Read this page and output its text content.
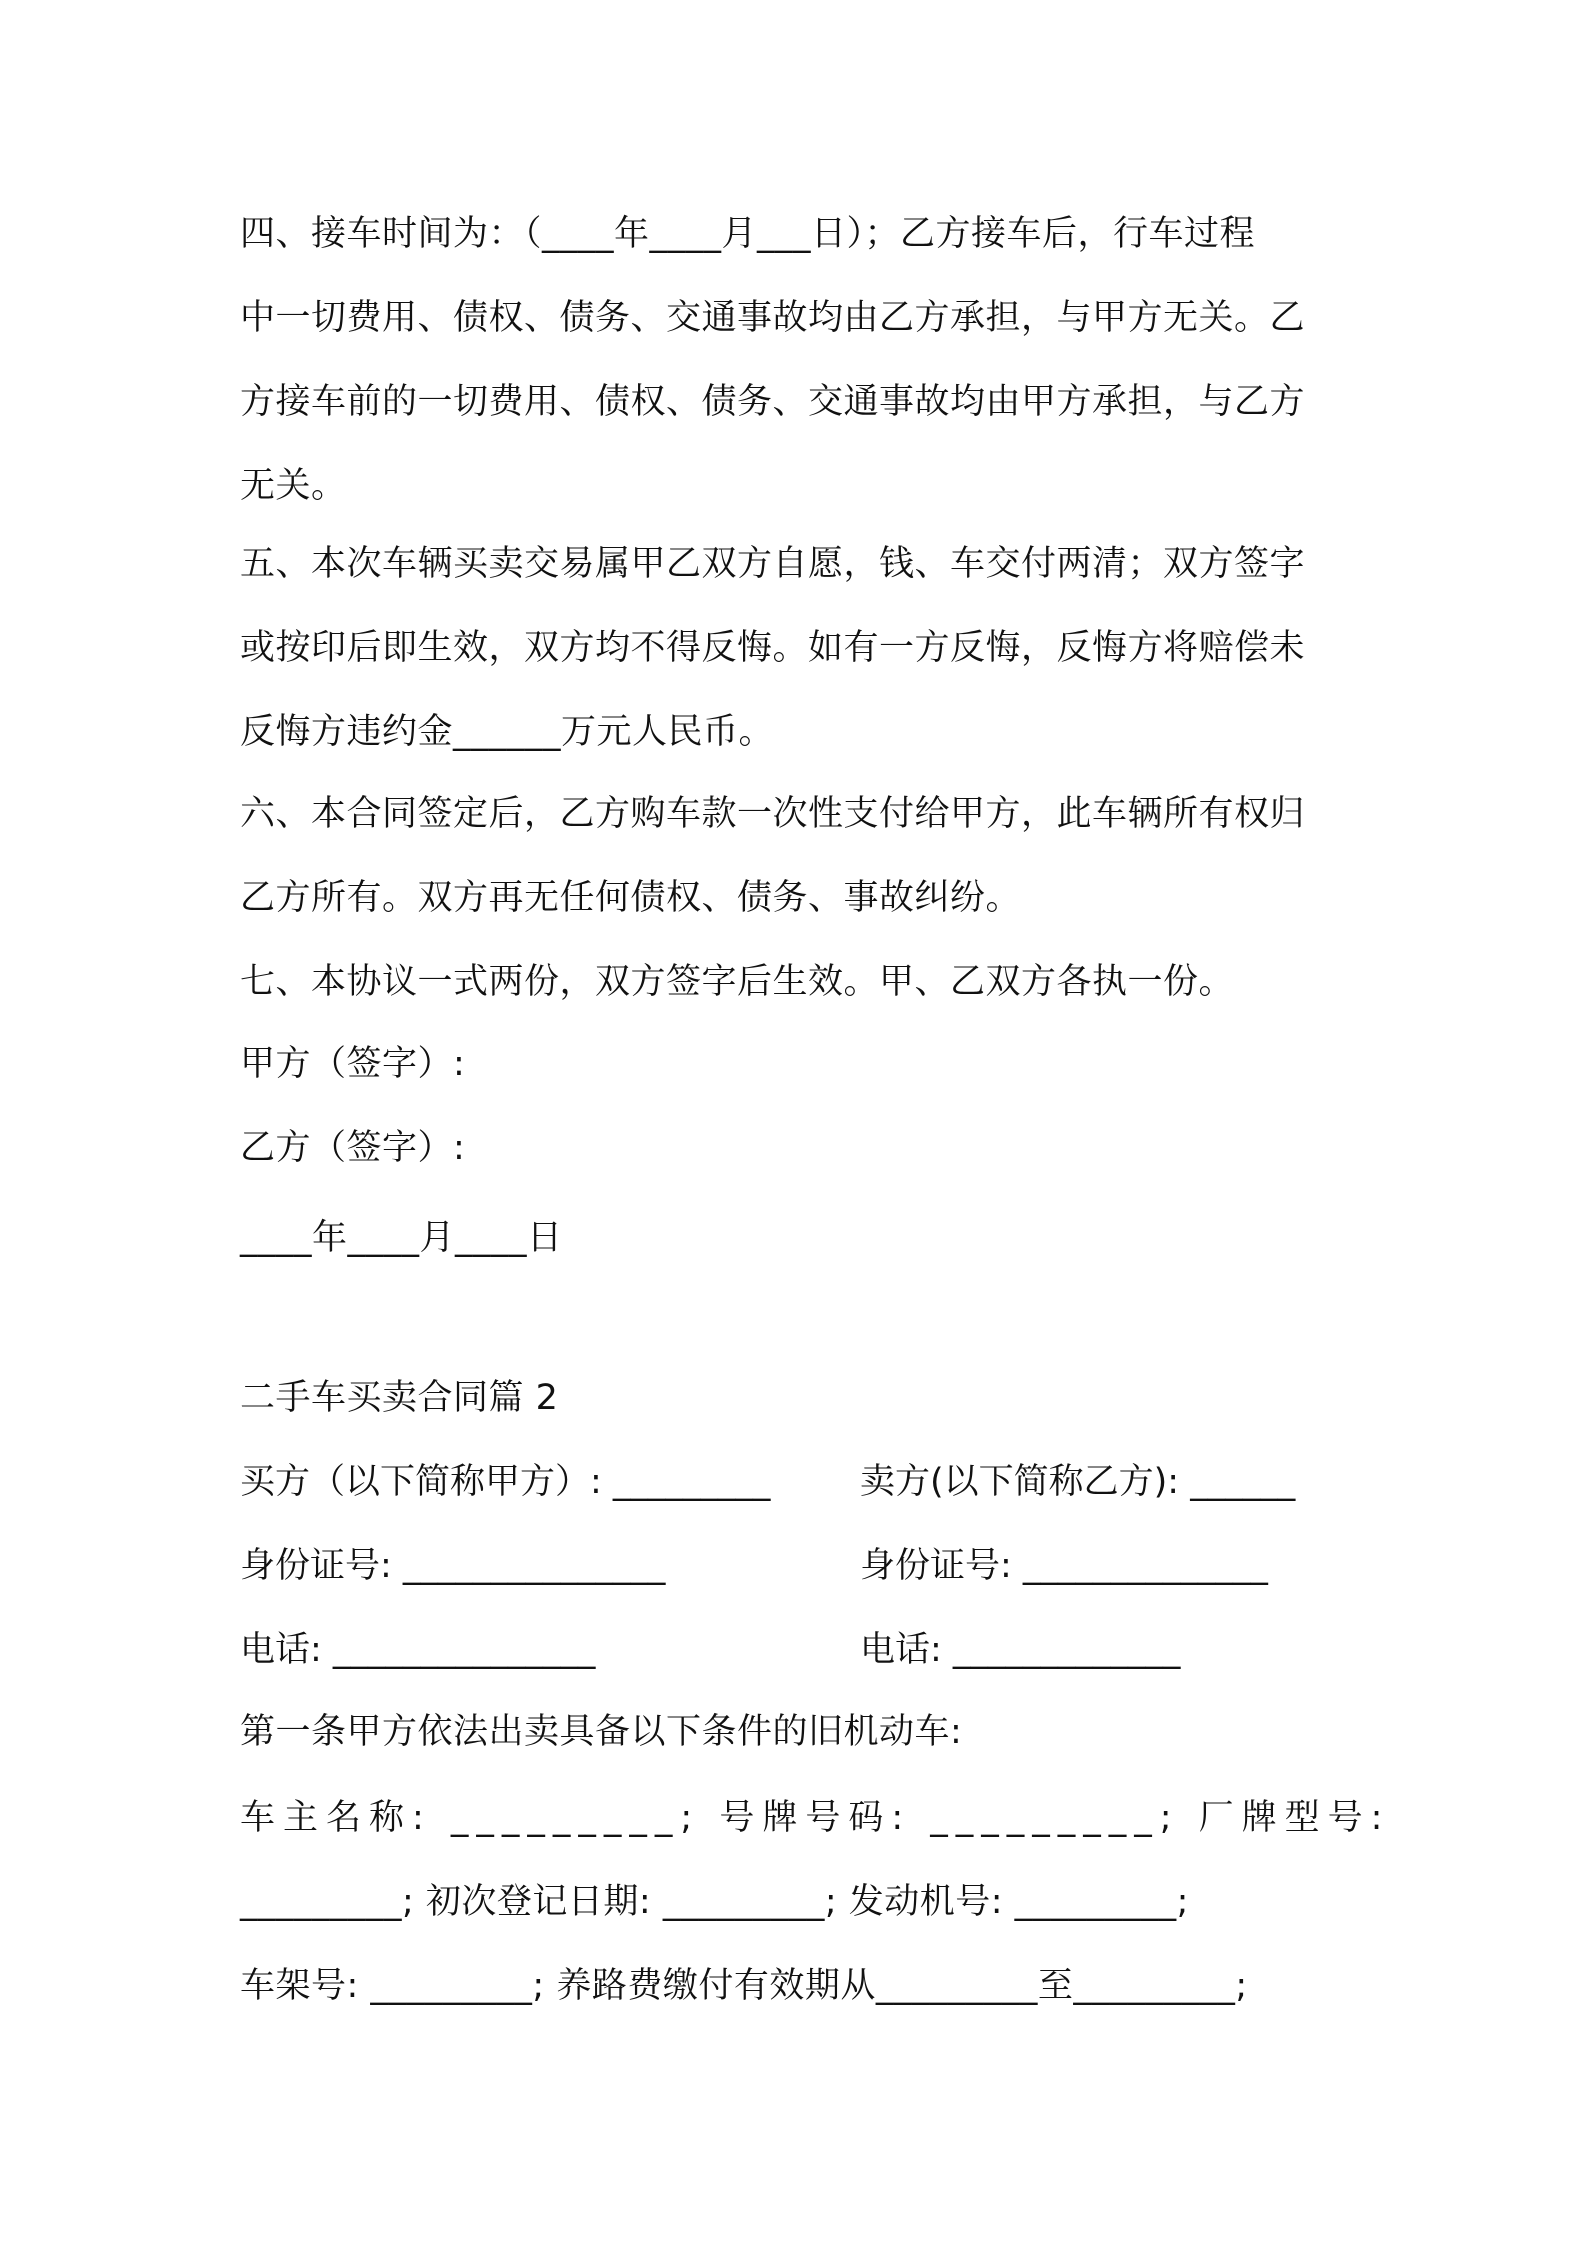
四、接车时间为：（____年____月___日）；乙方接车后，行车过程
中一切费用、债权、债务、交通事故均由乙方承担，与甲方无关。乙
方接车前的一切费用、债权、债务、交通事故均由甲方承担，与乙方
无关。
五、本次车辆买卖交易属甲乙双方自愿，钱、车交付两清；双方签字
或按印后即生效，双方均不得反悔。如有一方反悔，反悔方将赔偿未
反悔方违约金______万元人民币。
六、本合同签定后，乙方购车款一次性支付给甲方，此车辆所有权归
乙方所有。双方再无任何债权、债务、事故纠纷。
七、本协议一式两份，双方签字后生效。甲、乙双方各执一份。
甲方（签字）:
乙方（签字）:
____年____月____日
二手车买卖合同篇 2
买方（以下简称甲方）: _________	卖方(以下简称乙方): ______
身份证号: _______________	身份证号: ______________
电话: _______________	电话: _____________
第一条甲方依法出卖具备以下条件的旧机动车:
车主名称: _________; 号牌号码: _________; 厂牌型号:
_________; 初次登记日期: _________; 发动机号: _________;
车架号: _________; 养路费缴付有效期从_________至_________;
